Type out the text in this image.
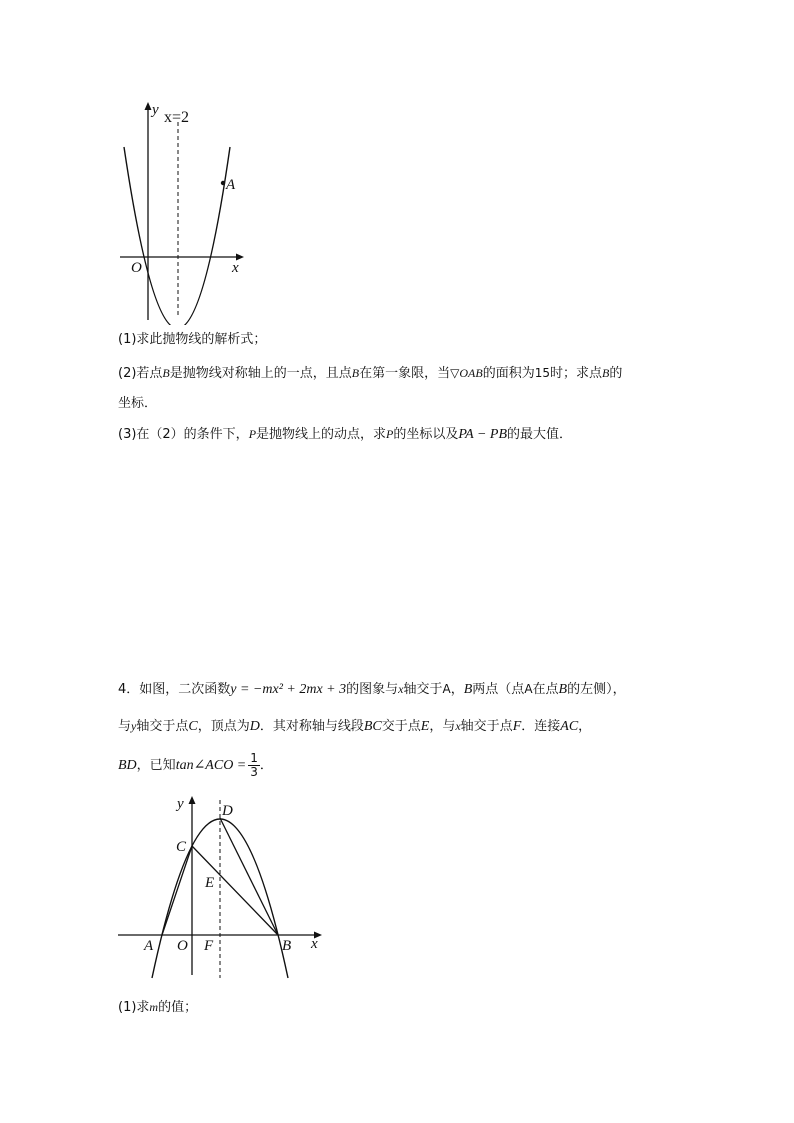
y x=2
A
O	x
(1)求此抛物线的解析式；
(2)若点B是抛物线对称轴上的一点，且点B在第一象限，当▽OAB的面积为15时；求点B的
坐标．
(3)在（2）的条件下，P是抛物线上的动点，求P的坐标以及PA − PB的最大值．
4．如图，二次函数y = −mx² + 2mx + 3的图象与x轴交于A，B两点（点A在点B的左侧），
与y轴交于点C，顶点为D．其对称轴与线段BC交于点E，与x轴交于点F．连接AC，
BD，已知tan∠ACO = $\frac{1}{3}$ ．
y	D
C
E
A O F	B x
(1)求m的值；
